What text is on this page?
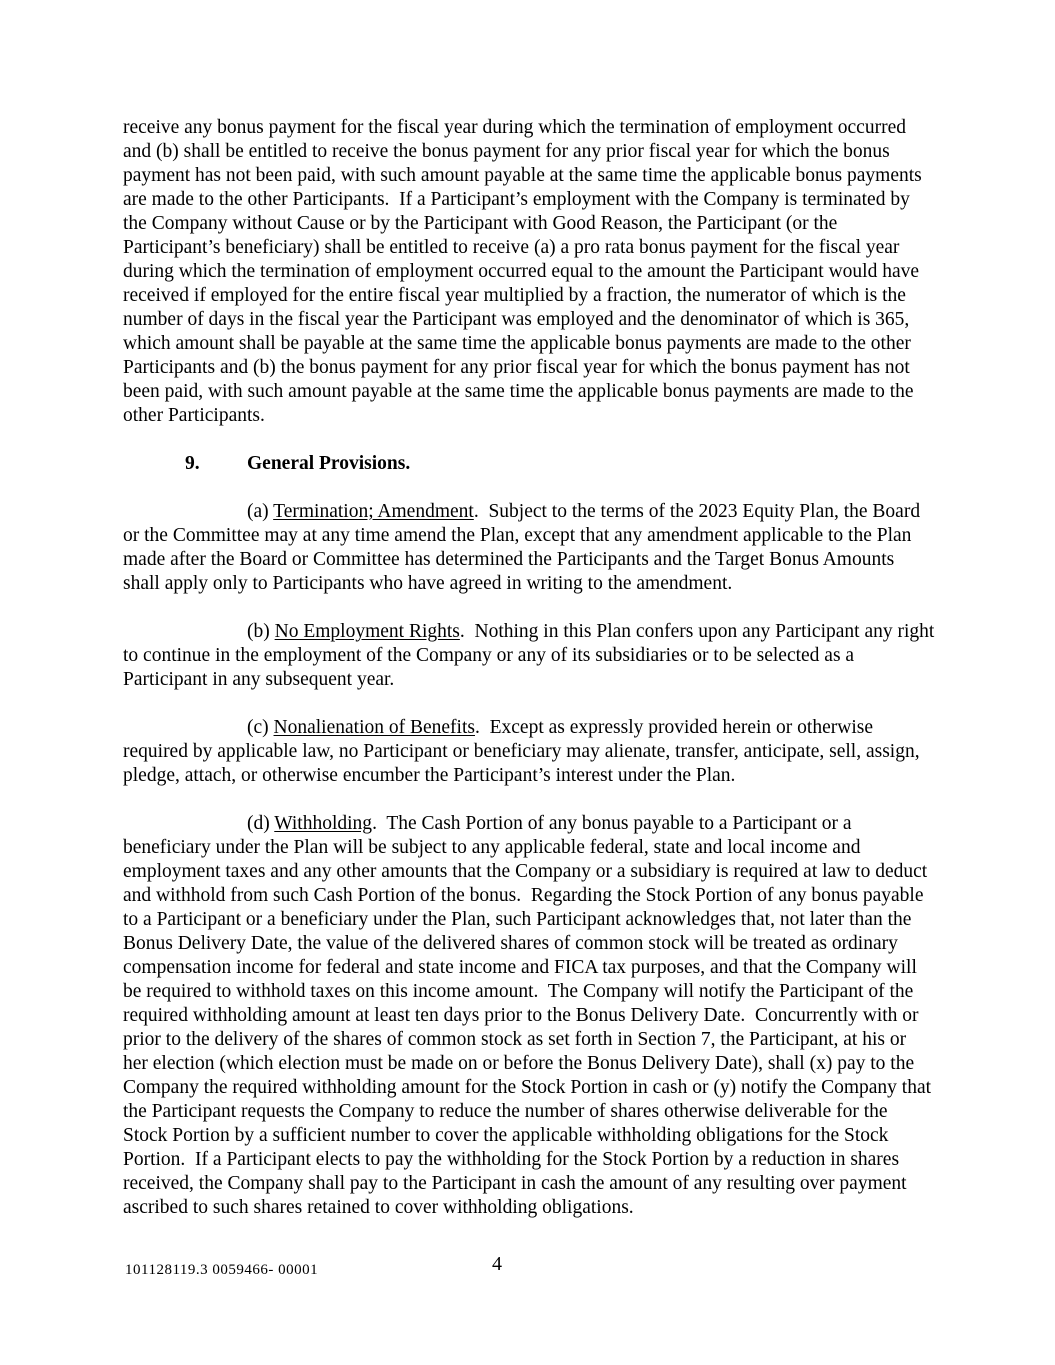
receive any bonus payment for the fiscal year during which the termination of employment occurred and (b) shall be entitled to receive the bonus payment for any prior fiscal year for which the bonus payment has not been paid, with such amount payable at the same time the applicable bonus payments are made to the other Participants.  If a Participant’s employment with the Company is terminated by the Company without Cause or by the Participant with Good Reason, the Participant (or the Participant’s beneficiary) shall be entitled to receive (a) a pro rata bonus payment for the fiscal year during which the termination of employment occurred equal to the amount the Participant would have received if employed for the entire fiscal year multiplied by a fraction, the numerator of which is the number of days in the fiscal year the Participant was employed and the denominator of which is 365, which amount shall be payable at the same time the applicable bonus payments are made to the other Participants and (b) the bonus payment for any prior fiscal year for which the bonus payment has not been paid, with such amount payable at the same time the applicable bonus payments are made to the other Participants.

9. General Provisions.

(a) Termination; Amendment.  Subject to the terms of the 2023 Equity Plan, the Board or the Committee may at any time amend the Plan, except that any amendment applicable to the Plan made after the Board or Committee has determined the Participants and the Target Bonus Amounts shall apply only to Participants who have agreed in writing to the amendment.

(b) No Employment Rights.  Nothing in this Plan confers upon any Participant any right to continue in the employment of the Company or any of its subsidiaries or to be selected as a Participant in any subsequent year.

(c) Nonalienation of Benefits.  Except as expressly provided herein or otherwise required by applicable law, no Participant or beneficiary may alienate, transfer, anticipate, sell, assign, pledge, attach, or otherwise encumber the Participant’s interest under the Plan.

(d) Withholding.  The Cash Portion of any bonus payable to a Participant or a beneficiary under the Plan will be subject to any applicable federal, state and local income and employment taxes and any other amounts that the Company or a subsidiary is required at law to deduct and withhold from such Cash Portion of the bonus.  Regarding the Stock Portion of any bonus payable to a Participant or a beneficiary under the Plan, such Participant acknowledges that, not later than the Bonus Delivery Date, the value of the delivered shares of common stock will be treated as ordinary compensation income for federal and state income and FICA tax purposes, and that the Company will be required to withhold taxes on this income amount.  The Company will notify the Participant of the required withholding amount at least ten days prior to the Bonus Delivery Date.  Concurrently with or prior to the delivery of the shares of common stock as set forth in Section 7, the Participant, at his or her election (which election must be made on or before the Bonus Delivery Date), shall (x) pay to the Company the required withholding amount for the Stock Portion in cash or (y) notify the Company that the Participant requests the Company to reduce the number of shares otherwise deliverable for the Stock Portion by a sufficient number to cover the applicable withholding obligations for the Stock Portion.  If a Participant elects to pay the withholding for the Stock Portion by a reduction in shares received, the Company shall pay to the Participant in cash the amount of any resulting over payment ascribed to such shares retained to cover withholding obligations.

101128119.3 0059466- 00001	4
